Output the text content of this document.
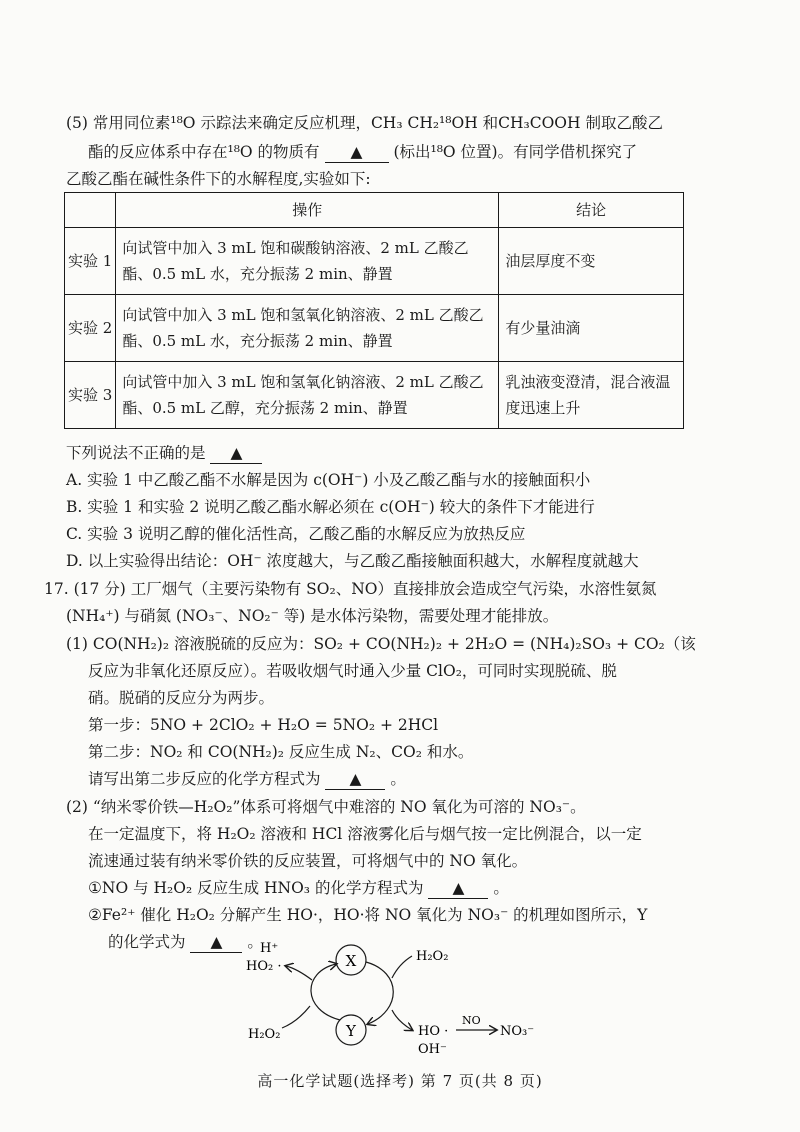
(5) 常用同位素¹⁸O 示踪法来确定反应机理，CH₃ CH₂¹⁸OH 和CH₃COOH 制取乙酸乙
酯的反应体系中存在¹⁸O 的物质有 ▲ (标出¹⁸O 位置)。有同学借机探究了
乙酸乙酯在碱性条件下的水解程度,实验如下:
	操作	结论
实验 1	向试管中加入 3 mL 饱和碳酸钠溶液、2 mL 乙酸乙酯、0.5 mL 水，充分振荡 2 min、静置	油层厚度不变
实验 2	向试管中加入 3 mL 饱和氢氧化钠溶液、2 mL 乙酸乙酯、0.5 mL 水，充分振荡 2 min、静置	有少量油滴
实验 3	向试管中加入 3 mL 饱和氢氧化钠溶液、2 mL 乙酸乙酯、0.5 mL 乙醇，充分振荡 2 min、静置	乳浊液变澄清，混合液温度迅速上升
下列说法不正确的是 ▲
A. 实验 1 中乙酸乙酯不水解是因为 c(OH⁻) 小及乙酸乙酯与水的接触面积小
B. 实验 1 和实验 2 说明乙酸乙酯水解必须在 c(OH⁻) 较大的条件下才能进行
C. 实验 3 说明乙醇的催化活性高，乙酸乙酯的水解反应为放热反应
D. 以上实验得出结论：OH⁻ 浓度越大，与乙酸乙酯接触面积越大，水解程度就越大
17. (17 分) 工厂烟气（主要污染物有 SO₂、NO）直接排放会造成空气污染，水溶性氨氮
(NH₄⁺) 与硝氮 (NO₃⁻、NO₂⁻ 等) 是水体污染物，需要处理才能排放。
(1) CO(NH₂)₂ 溶液脱硫的反应为：SO₂ + CO(NH₂)₂ + 2H₂O = (NH₄)₂SO₃ + CO₂（该
反应为非氧化还原反应）。若吸收烟气时通入少量 ClO₂，可同时实现脱硫、脱
硝。脱硝的反应分为两步。
第一步：5NO + 2ClO₂ + H₂O = 5NO₂ + 2HCl
第二步：NO₂ 和 CO(NH₂)₂ 反应生成 N₂、CO₂ 和水。
请写出第二步反应的化学方程式为 ▲ 。
(2) “纳米零价铁—H₂O₂”体系可将烟气中难溶的 NO 氧化为可溶的 NO₃⁻。
在一定温度下，将 H₂O₂ 溶液和 HCl 溶液雾化后与烟气按一定比例混合，以一定
流速通过装有纳米零价铁的反应装置，可将烟气中的 NO 氧化。
①NO 与 H₂O₂ 反应生成 HNO₃ 的化学方程式为 ▲ 。
②Fe²⁺ 催化 H₂O₂ 分解产生 HO·，HO·将 NO 氧化为 NO₃⁻ 的机理如图所示，Y
的化学式为 ▲ 。
X
Y
H⁺
HO₂ ·
H₂O₂
H₂O₂	HO ·
NO
NO₃⁻
OH⁻
高一化学试题(选择考) 第 7 页(共 8 页)
